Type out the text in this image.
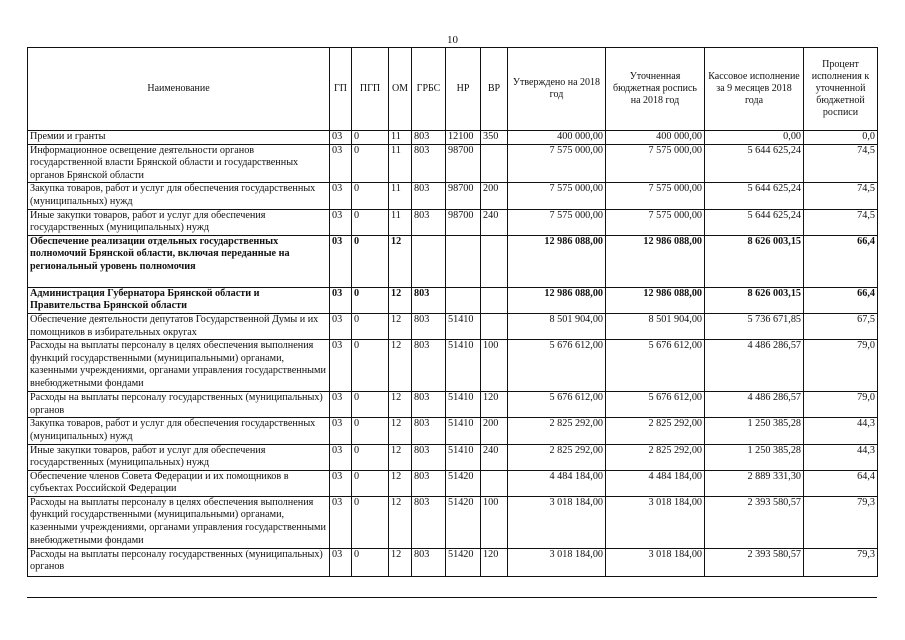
10
Наименование	ГП	ПГП	ОМ	ГРБС	НР	ВР	Утверждено на 2018 год	Уточненная бюджетная роспись на 2018 год	Кассовое исполнение за 9 месяцев 2018 года	Процент исполнения к уточненной бюджетной росписи
Премии и гранты	03	0	11	803	12100	350	400 000,00	400 000,00	0,00	0,0
Информационное освещение деятельности органов государственной власти Брянской области и государственных органов Брянской области	03	0	11	803	98700		7 575 000,00	7 575 000,00	5 644 625,24	74,5
Закупка товаров, работ и услуг для обеспечения государственных (муниципальных) нужд	03	0	11	803	98700	200	7 575 000,00	7 575 000,00	5 644 625,24	74,5
Иные закупки товаров, работ и услуг для обеспечения государственных (муниципальных) нужд	03	0	11	803	98700	240	7 575 000,00	7 575 000,00	5 644 625,24	74,5
Обеспечение реализации отдельных государственных полномочий Брянской области, включая переданные на региональный уровень полномочия	03	0	12				12 986 088,00	12 986 088,00	8 626 003,15	66,4
Администрация Губернатора Брянской области и Правительства Брянской области	03	0	12	803			12 986 088,00	12 986 088,00	8 626 003,15	66,4
Обеспечение деятельности депутатов Государственной Думы и их помощников в избирательных округах	03	0	12	803	51410		8 501 904,00	8 501 904,00	5 736 671,85	67,5
Расходы на выплаты персоналу в целях обеспечения выполнения функций государственными (муниципальными) органами, казенными учреждениями, органами управления государственными внебюджетными фондами	03	0	12	803	51410	100	5 676 612,00	5 676 612,00	4 486 286,57	79,0
Расходы на выплаты персоналу государственных (муниципальных) органов	03	0	12	803	51410	120	5 676 612,00	5 676 612,00	4 486 286,57	79,0
Закупка товаров, работ и услуг для обеспечения государственных (муниципальных) нужд	03	0	12	803	51410	200	2 825 292,00	2 825 292,00	1 250 385,28	44,3
Иные закупки товаров, работ и услуг для обеспечения государственных (муниципальных) нужд	03	0	12	803	51410	240	2 825 292,00	2 825 292,00	1 250 385,28	44,3
Обеспечение членов Совета Федерации и их помощников в субъектах Российской Федерации	03	0	12	803	51420		4 484 184,00	4 484 184,00	2 889 331,30	64,4
Расходы на выплаты персоналу в целях обеспечения выполнения функций государственными (муниципальными) органами, казенными учреждениями, органами управления государственными внебюджетными фондами	03	0	12	803	51420	100	3 018 184,00	3 018 184,00	2 393 580,57	79,3
Расходы на выплаты персоналу государственных (муниципальных) органов	03	0	12	803	51420	120	3 018 184,00	3 018 184,00	2 393 580,57	79,3
